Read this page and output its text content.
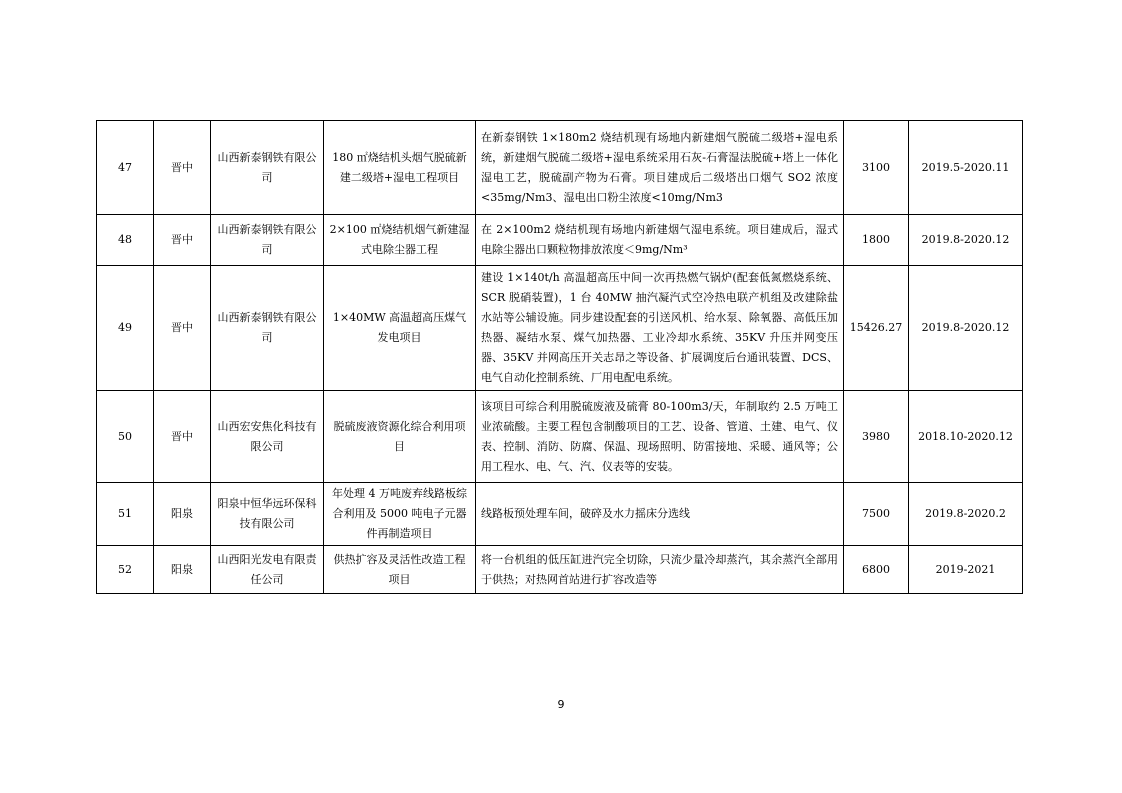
47	晋中	山西新泰钢铁有限公司	180 ㎡烧结机头烟气脱硫新建二级塔+湿电工程项目	在新泰钢铁 1×180m2 烧结机现有场地内新建烟气脱硫二级塔+湿电系统，新建烟气脱硫二级塔+湿电系统采用石灰-石膏湿法脱硫+塔上一体化湿电工艺，脱硫副产物为石膏。项目建成后二级塔出口烟气 SO2 浓度<35mg/Nm3、湿电出口粉尘浓度<10mg/Nm3	3100	2019.5-2020.11
48	晋中	山西新泰钢铁有限公司	2×100 ㎡烧结机烟气新建湿式电除尘器工程	在 2×100m2 烧结机现有场地内新建烟气湿电系统。项目建成后，湿式电除尘器出口颗粒物排放浓度＜9mg/Nm³	1800	2019.8-2020.12
49	晋中	山西新泰钢铁有限公司	1×40MW 高温超高压煤气发电项目	建设 1×140t/h 高温超高压中间一次再热燃气锅炉(配套低氮燃烧系统、SCR 脱硝装置)，1 台 40MW 抽汽凝汽式空冷热电联产机组及改建除盐水站等公辅设施。同步建设配套的引送风机、给水泵、除氧器、高低压加热器、凝结水泵、煤气加热器、工业冷却水系统、35KV 升压并网变压器、35KV 并网高压开关志昂之等设备、扩展调度后台通讯装置、DCS、电气自动化控制系统、厂用电配电系统。	15426.27	2019.8-2020.12
50	晋中	山西宏安焦化科技有限公司	脱硫废液资源化综合利用项目	该项目可综合利用脱硫废液及硫膏 80-100m3/天，年制取约 2.5 万吨工业浓硫酸。主要工程包含制酸项目的工艺、设备、管道、土建、电气、仪表、控制、消防、防腐、保温、现场照明、防雷接地、采暖、通风等；公用工程水、电、气、汽、仪表等的安装。	3980	2018.10-2020.12
51	阳泉	阳泉中恒华远环保科技有限公司	年处理 4 万吨废弃线路板综合利用及 5000 吨电子元器件再制造项目	线路板预处理车间，破碎及水力摇床分选线	7500	2019.8-2020.2
52	阳泉	山西阳光发电有限责任公司	供热扩容及灵活性改造工程项目	将一台机组的低压缸进汽完全切除，只流少量冷却蒸汽，其余蒸汽全部用于供热；对热网首站进行扩容改造等	6800	2019-2021
9
